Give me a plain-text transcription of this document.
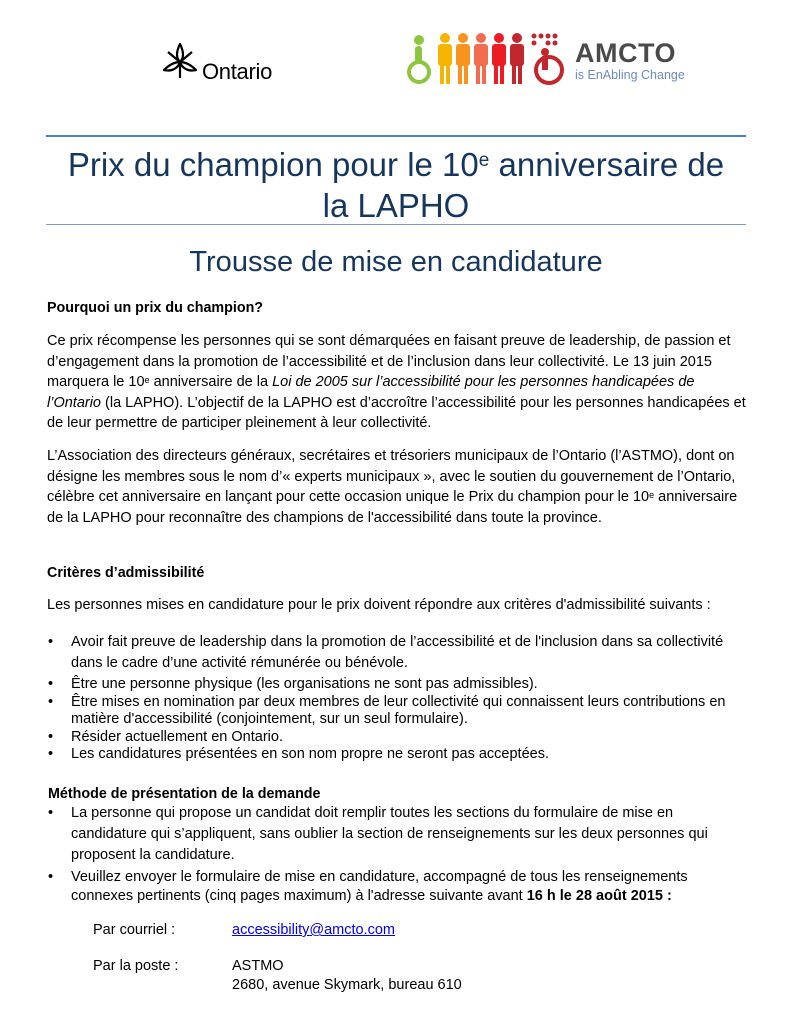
Ontario
AMCTO
is EnAbling Change
Prix du champion pour le 10e anniversaire de
la LAPHO
Trousse de mise en candidature
Pourquoi un prix du champion?
Ce prix récompense les personnes qui se sont démarquées en faisant preuve de leadership, de passion et d’engagement dans la promotion de l’accessibilité et de l’inclusion dans leur collectivité. Le 13 juin 2015 marquera le 10e anniversaire de la Loi de 2005 sur l’accessibilité pour les personnes handicapées de l’Ontario (la LAPHO). L’objectif de la LAPHO est d’accroître l’accessibilité pour les personnes handicapées et de leur permettre de participer pleinement à leur collectivité.
L’Association des directeurs généraux, secrétaires et trésoriers municipaux de l’Ontario (l’ASTMO), dont on désigne les membres sous le nom d’« experts municipaux », avec le soutien du gouvernement de l’Ontario, célèbre cet anniversaire en lançant pour cette occasion unique le Prix du champion pour le 10e anniversaire de la LAPHO pour reconnaître des champions de l'accessibilité dans toute la province.
Critères d’admissibilité
Les personnes mises en candidature pour le prix doivent répondre aux critères d'admissibilité suivants :
• Avoir fait preuve de leadership dans la promotion de l’accessibilité et de l'inclusion dans sa collectivité dans le cadre d’une activité rémunérée ou bénévole.
• Être une personne physique (les organisations ne sont pas admissibles).
• Être mises en nomination par deux membres de leur collectivité qui connaissent leurs contributions en matière d'accessibilité (conjointement, sur un seul formulaire).
• Résider actuellement en Ontario.
• Les candidatures présentées en son nom propre ne seront pas acceptées.
Méthode de présentation de la demande
• La personne qui propose un candidat doit remplir toutes les sections du formulaire de mise en candidature qui s’appliquent, sans oublier la section de renseignements sur les deux personnes qui proposent la candidature.
• Veuillez envoyer le formulaire de mise en candidature, accompagné de tous les renseignements connexes pertinents (cinq pages maximum) à l'adresse suivante avant 16 h le 28 août 2015 :
Par courriel :	accessibility@amcto.com
Par la poste :	ASTMO
2680, avenue Skymark, bureau 610
